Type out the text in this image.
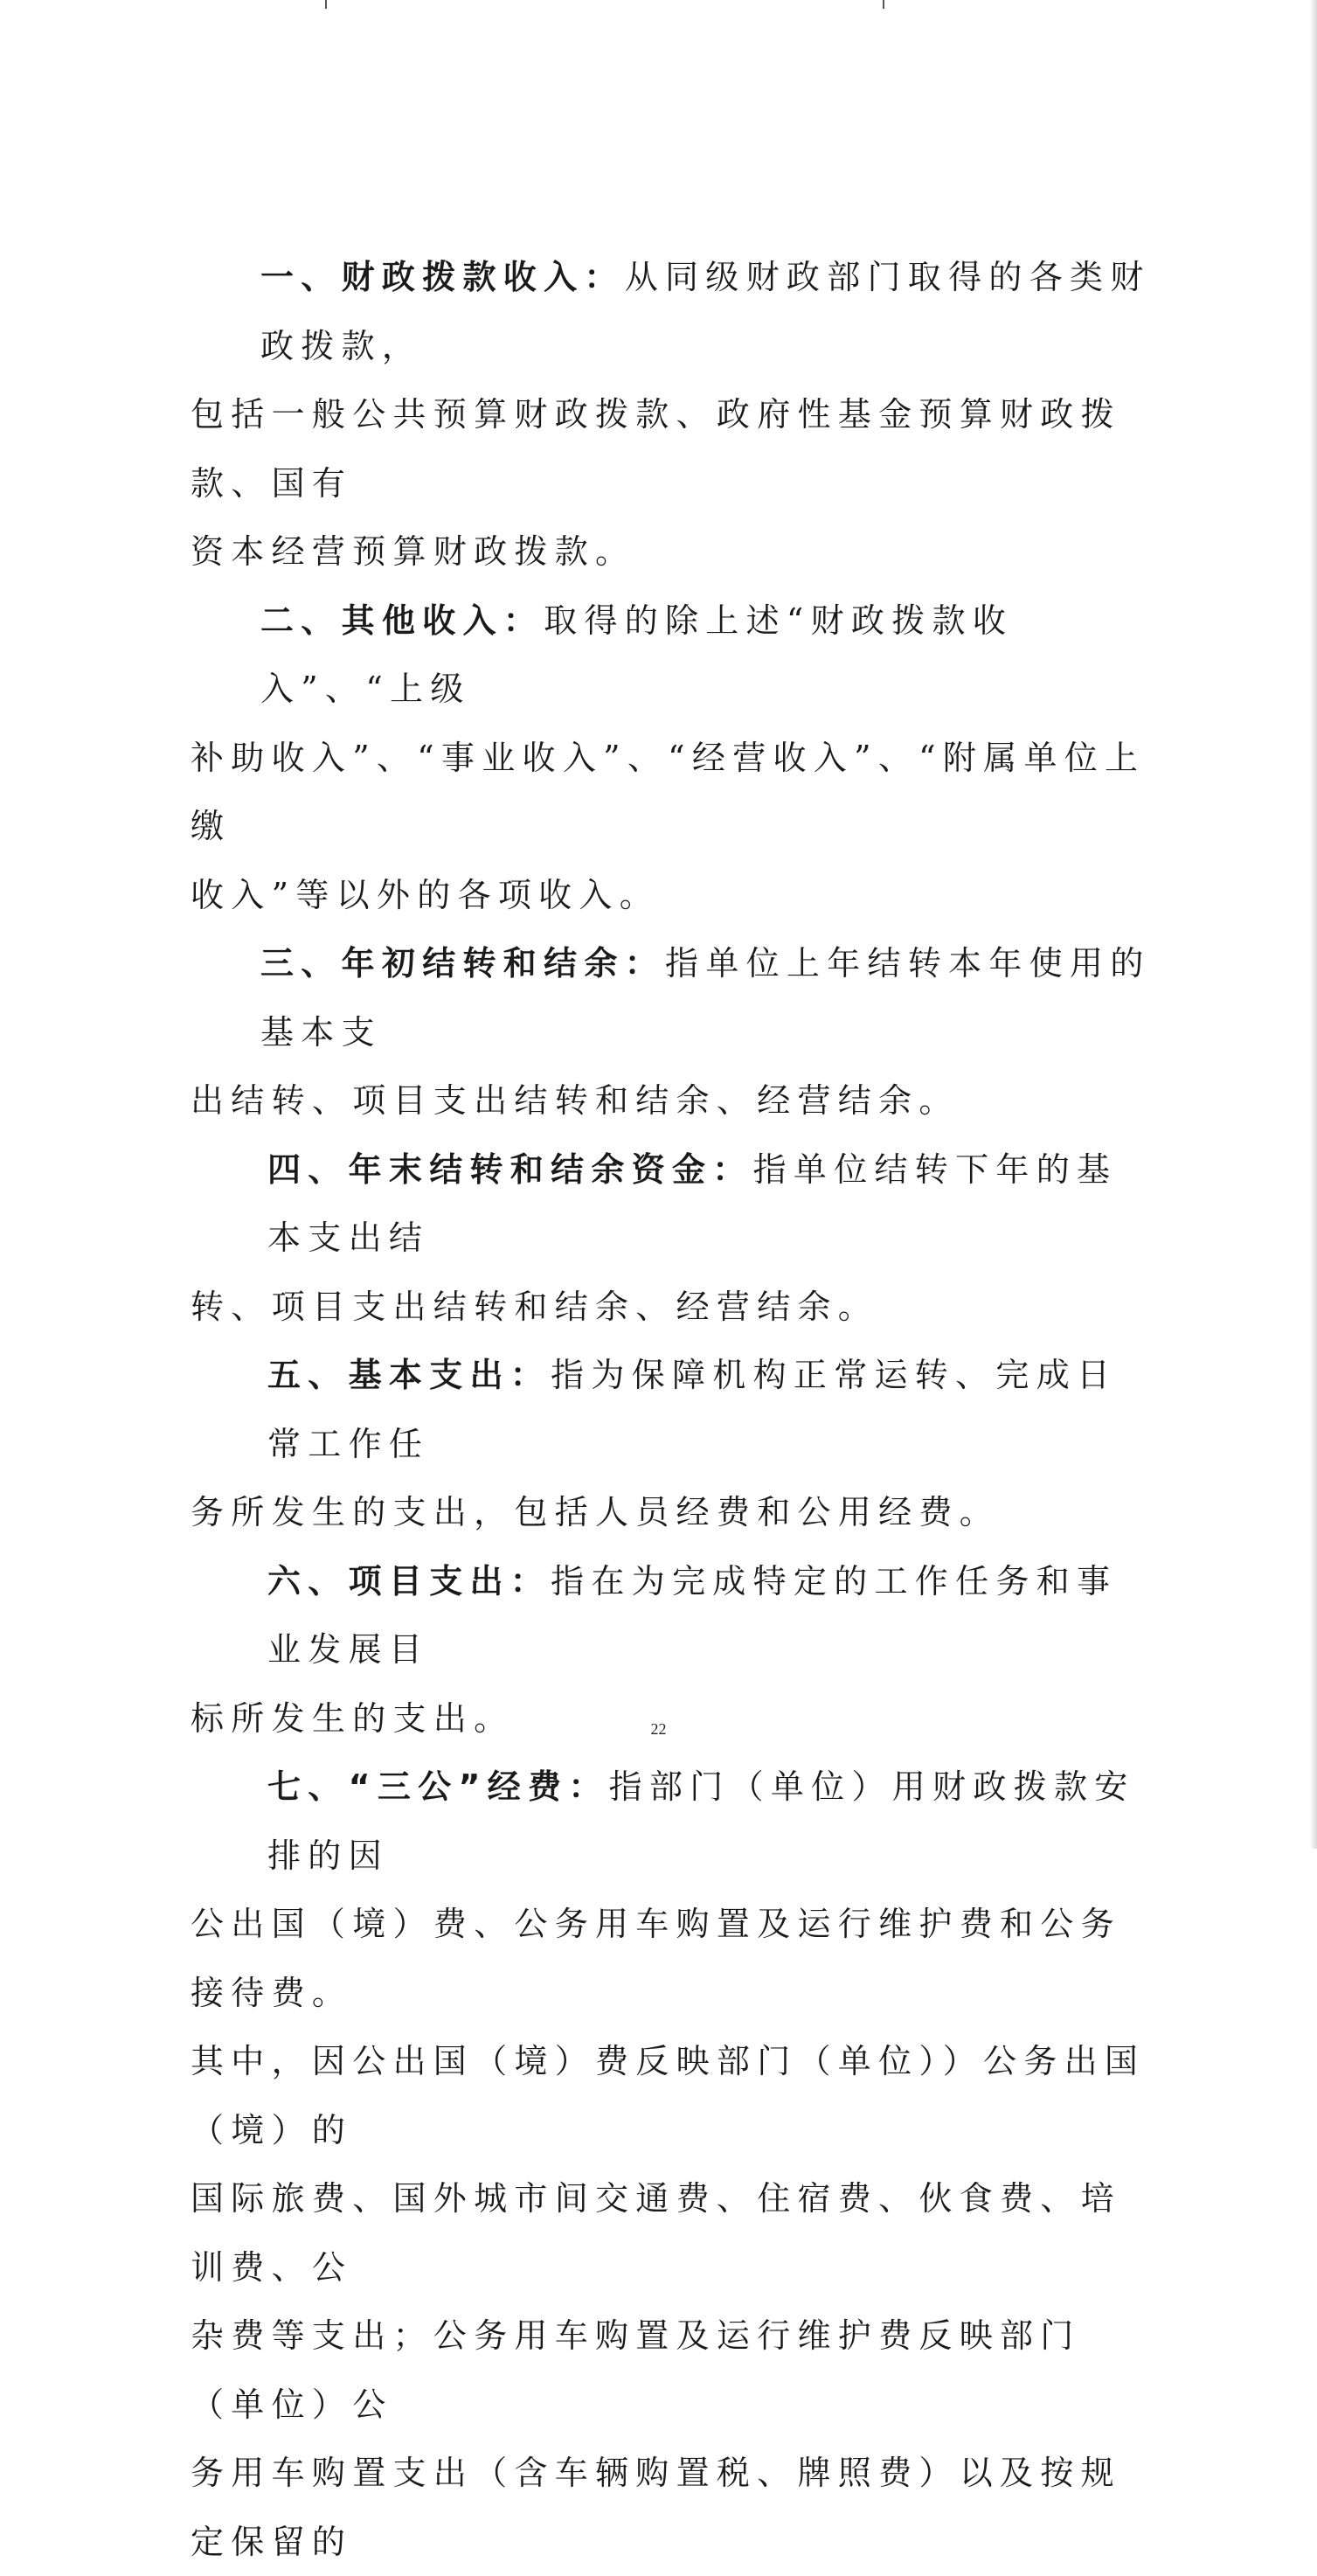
一、财政拨款收入：从同级财政部门取得的各类财政拨款，
包括一般公共预算财政拨款、政府性基金预算财政拨款、国有
资本经营预算财政拨款。
二、其他收入：取得的除上述“财政拨款收入”、“上级
补助收入”、“事业收入”、“经营收入”、“附属单位上缴
收入”等以外的各项收入。
三、年初结转和结余：指单位上年结转本年使用的基本支
出结转、项目支出结转和结余、经营结余。
四、年末结转和结余资金：指单位结转下年的基本支出结
转、项目支出结转和结余、经营结余。
五、基本支出：指为保障机构正常运转、完成日常工作任
务所发生的支出，包括人员经费和公用经费。
六、项目支出：指在为完成特定的工作任务和事业发展目
标所发生的支出。
七、“三公”经费：指部门（单位）用财政拨款安排的因
公出国（境）费、公务用车购置及运行维护费和公务接待费。
其中，因公出国（境）费反映部门（单位））公务出国（境）的
国际旅费、国外城市间交通费、住宿费、伙食费、培训费、公
杂费等支出；公务用车购置及运行维护费反映部门（单位）公
务用车购置支出（含车辆购置税、牌照费）以及按规定保留的
22
